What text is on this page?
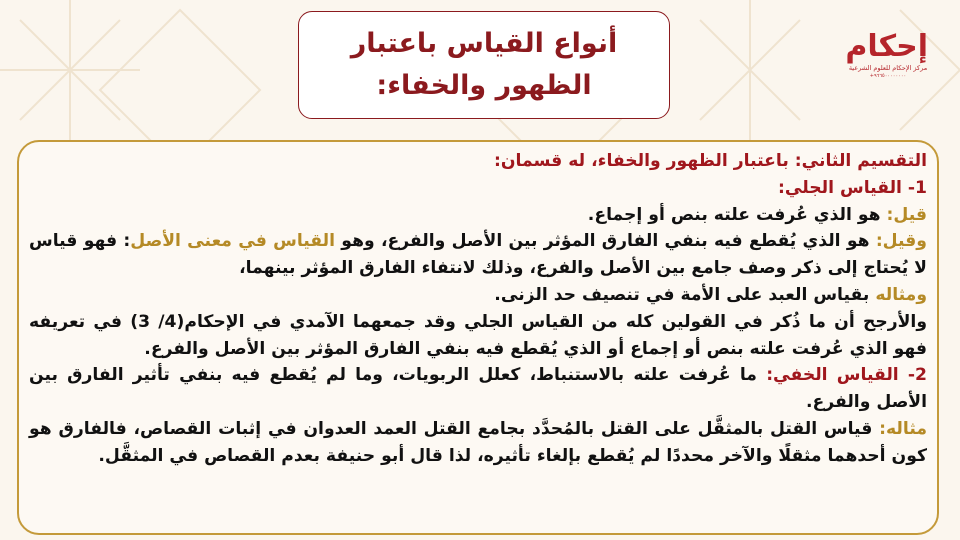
أنواع القياس باعتبار
الظهور والخفاء:
إحكام
مركز الإحكام للعلوم الشرعية
+٩٦٦٥٠٠٠٠٠٠٠٠

التقسيم الثاني: باعتبار الظهور والخفاء، له قسمان:

1- القياس الجلي:

قيل: هو الذي عُرفت علته بنص أو إجماع.

وقيل: هو الذي يُقطع فيه بنفي الفارق المؤثر بين الأصل والفرع، وهو القياس في معنى الأصل: فهو قياس لا يُحتاج إلى ذكر وصف جامع بين الأصل والفرع، وذلك لانتفاء الفارق المؤثر بينهما،

ومثاله بقياس العبد على الأمة في تنصيف حد الزنى.

والأرجح أن ما ذُكر في القولين كله من القياس الجلي وقد جمعهما الآمدي في الإحكام(4/ 3) في تعريفه فهو الذي عُرفت علته بنص أو إجماع أو الذي يُقطع فيه بنفي الفارق المؤثر بين الأصل والفرع.

2- القياس الخفي: ما عُرفت علته بالاستنباط، كعلل الربويات، وما لم يُقطع فيه بنفي تأثير الفارق بين الأصل والفرع.

مثاله: قياس القتل بالمثقَّل على القتل بالمُحدَّد بجامع القتل العمد العدوان في إثبات القصاص، فالفارق هو كون أحدهما مثقلًا والآخر محددًا لم يُقطع بإلغاء تأثيره، لذا قال أبو حنيفة بعدم القصاص في المثقَّل.
